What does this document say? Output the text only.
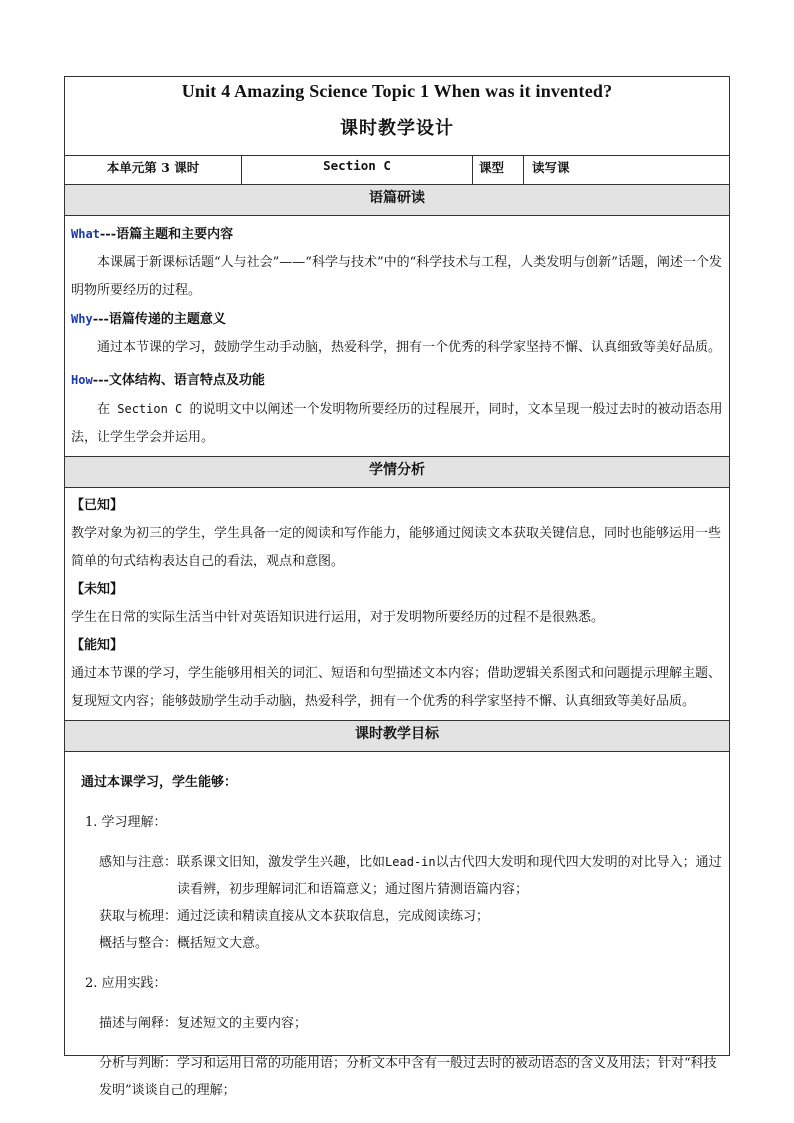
Unit 4 Amazing Science Topic 1 When was it invented?
课时教学设计
本单元第 3 课时	Section C	课型	读写课
语篇研读

What---语篇主题和主要内容

本课属于新课标话题“人与社会”——“科学与技术”中的“科学技术与工程，人类发明与创新”话题，阐述一个发明物所要经历的过程。

Why---语篇传递的主题意义

通过本节课的学习，鼓励学生动手动脑，热爱科学，拥有一个优秀的科学家坚持不懈、认真细致等美好品质。

How---文体结构、语言特点及功能

在 Section C 的说明文中以阐述一个发明物所要经历的过程展开，同时，文本呈现一般过去时的被动语态用法，让学生学会并运用。

学情分析

【已知】

教学对象为初三的学生，学生具备一定的阅读和写作能力，能够通过阅读文本获取关键信息，同时也能够运用一些简单的句式结构表达自己的看法，观点和意图。

【未知】

学生在日常的实际生活当中针对英语知识进行运用，对于发明物所要经历的过程不是很熟悉。

【能知】

通过本节课的学习，学生能够用相关的词汇、短语和句型描述文本内容；借助逻辑关系图式和问题提示理解主题、复现短文内容；能够鼓励学生动手动脑，热爱科学，拥有一个优秀的科学家坚持不懈、认真细致等美好品质。

课时教学目标

通过本课学习，学生能够：

1. 学习理解：

感知与注意： 联系课文旧知，激发学生兴趣，比如Lead-in以古代四大发明和现代四大发明的对比导入；通过读看辨，初步理解词汇和语篇意义；通过图片猜测语篇内容；
获取与梳理： 通过泛读和精读直接从文本获取信息，完成阅读练习；
概括与整合： 概括短文大意。

2. 应用实践：

描述与阐释： 复述短文的主要内容；

分析与判断：学习和运用日常的功能用语；分析文本中含有一般过去时的被动语态的含义及用法；针对“科技发明”谈谈自己的理解；
